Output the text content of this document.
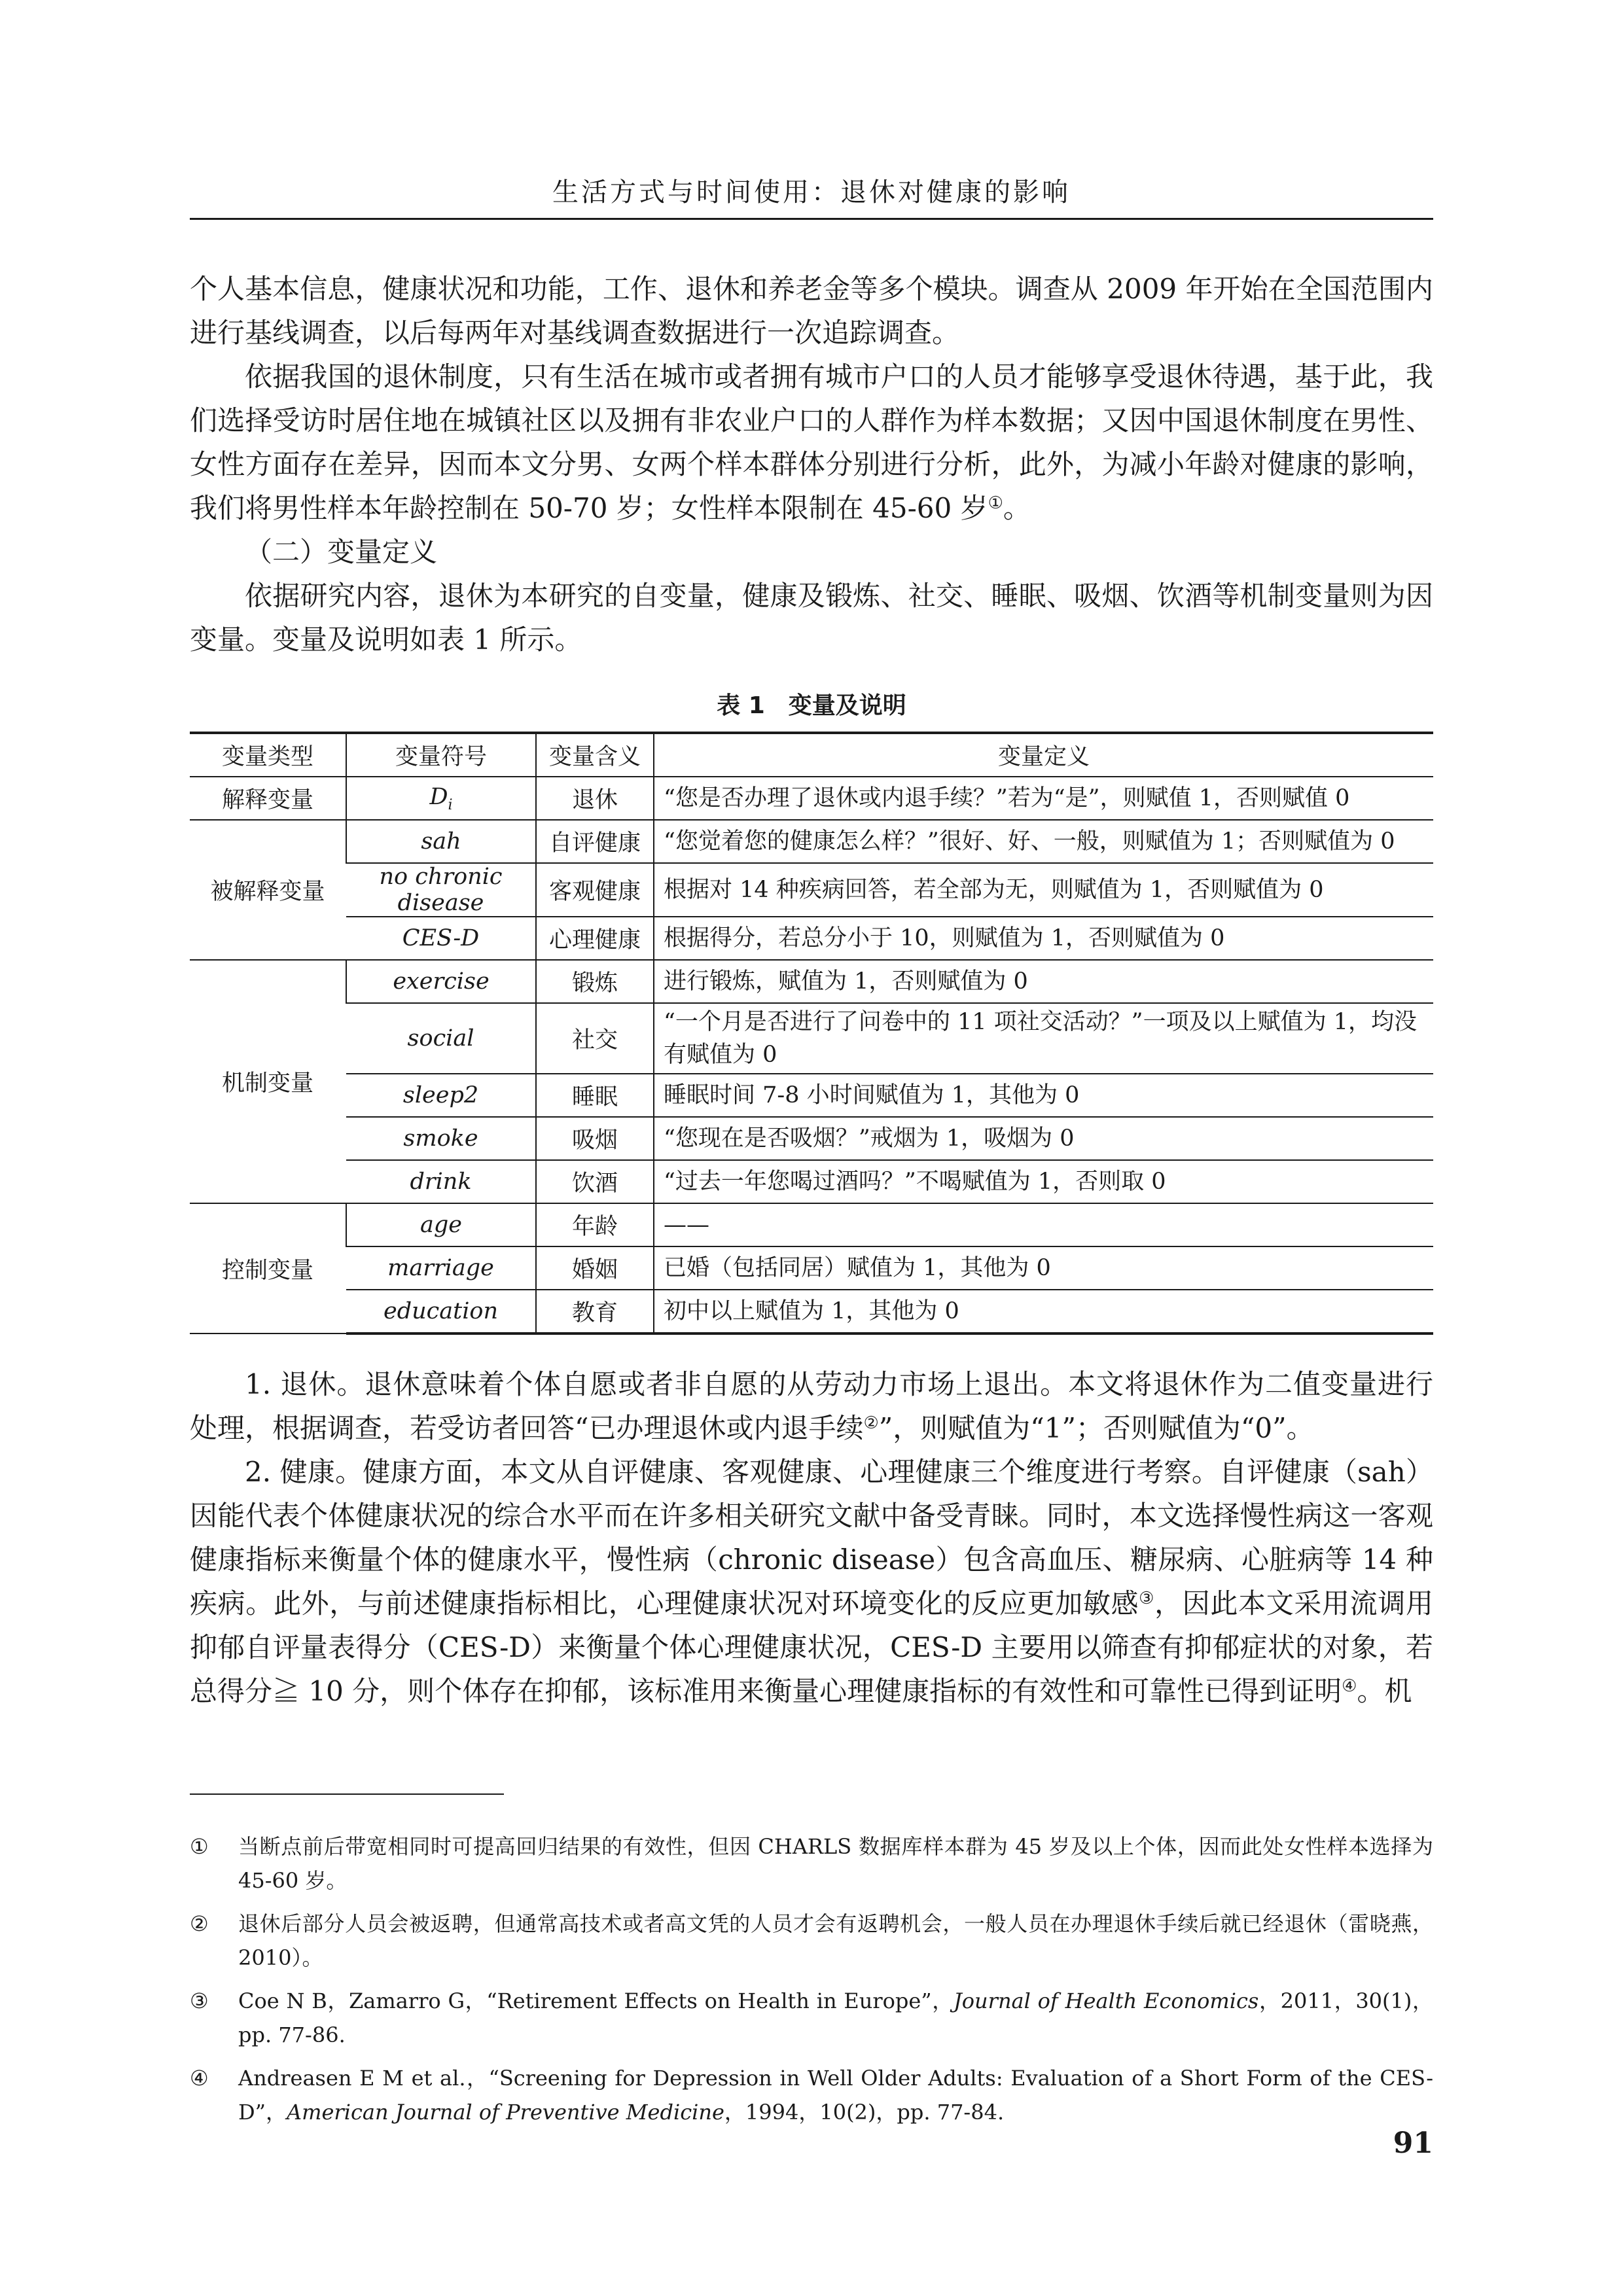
生活方式与时间使用：退休对健康的影响

个人基本信息，健康状况和功能，工作、退休和养老金等多个模块。调查从 2009 年开始在全国范围内进行基线调查，以后每两年对基线调查数据进行一次追踪调查。

依据我国的退休制度，只有生活在城市或者拥有城市户口的人员才能够享受退休待遇，基于此，我们选择受访时居住地在城镇社区以及拥有非农业户口的人群作为样本数据；又因中国退休制度在男性、女性方面存在差异，因而本文分男、女两个样本群体分别进行分析，此外，为减小年龄对健康的影响，我们将男性样本年龄控制在 50-70 岁；女性样本限制在 45-60 岁①。

（二）变量定义

依据研究内容，退休为本研究的自变量，健康及锻炼、社交、睡眠、吸烟、饮酒等机制变量则为因变量。变量及说明如表 1 所示。

表 1　变量及说明
变量类型	变量符号	变量含义	变量定义
解释变量	$D_i$	退休	“您是否办理了退休或内退手续？”若为“是”，则赋值 1，否则赋值 0
被解释变量	sah	自评健康	“您觉着您的健康怎么样？”很好、好、一般，则赋值为 1；否则赋值为 0
	no chronic disease	客观健康	根据对 14 种疾病回答，若全部为无，则赋值为 1，否则赋值为 0
	CES-D	心理健康	根据得分，若总分小于 10，则赋值为 1，否则赋值为 0
机制变量	exercise	锻炼	进行锻炼，赋值为 1，否则赋值为 0
	social	社交	“一个月是否进行了问卷中的 11 项社交活动？”一项及以上赋值为 1，均没有赋值为 0
	sleep2	睡眠	睡眠时间 7-8 小时间赋值为 1，其他为 0
	smoke	吸烟	“您现在是否吸烟？”戒烟为 1，吸烟为 0
	drink	饮酒	“过去一年您喝过酒吗？”不喝赋值为 1，否则取 0
控制变量	age	年龄	——
	marriage	婚姻	已婚（包括同居）赋值为 1，其他为 0
	education	教育	初中以上赋值为 1，其他为 0

1. 退休。退休意味着个体自愿或者非自愿的从劳动力市场上退出。本文将退休作为二值变量进行处理，根据调查，若受访者回答“已办理退休或内退手续②”，则赋值为“1”；否则赋值为“0”。

2. 健康。健康方面，本文从自评健康、客观健康、心理健康三个维度进行考察。自评健康（sah）因能代表个体健康状况的综合水平而在许多相关研究文献中备受青睐。同时，本文选择慢性病这一客观健康指标来衡量个体的健康水平，慢性病（chronic disease）包含高血压、糖尿病、心脏病等 14 种疾病。此外，与前述健康指标相比，心理健康状况对环境变化的反应更加敏感③，因此本文采用流调用抑郁自评量表得分（CES-D）来衡量个体心理健康状况，CES-D 主要用以筛查有抑郁症状的对象，若总得分≧ 10 分，则个体存在抑郁，该标准用来衡量心理健康指标的有效性和可靠性已得到证明④。机

①	当断点前后带宽相同时可提高回归结果的有效性，但因 CHARLS 数据库样本群为 45 岁及以上个体，因而此处女性样本选择为 45-60 岁。
②	退休后部分人员会被返聘，但通常高技术或者高文凭的人员才会有返聘机会，一般人员在办理退休手续后就已经退休（雷晓燕，2010）。
③	Coe N B，Zamarro G，“Retirement Effects on Health in Europe”，Journal of Health Economics，2011，30(1)，pp. 77-86.
④	Andreasen E M et al.，“Screening for Depression in Well Older Adults: Evaluation of a Short Form of the CES-D”，American Journal of Preventive Medicine，1994，10(2)，pp. 77-84.
91
